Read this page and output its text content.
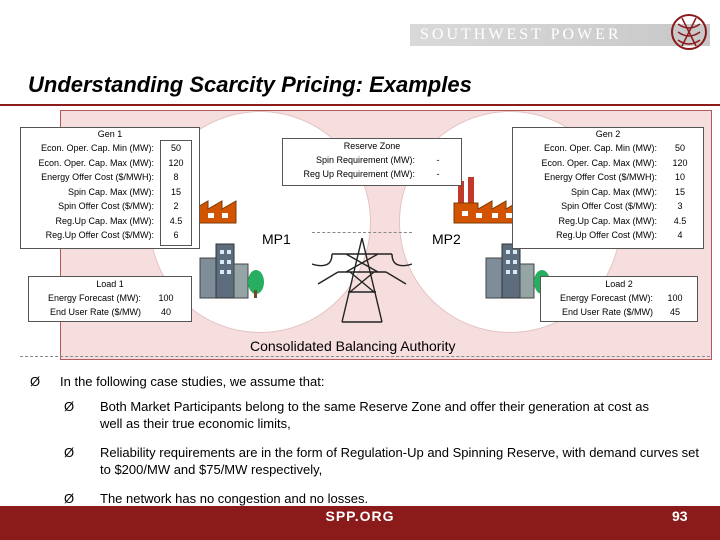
SOUTHWEST POWER POOL
Understanding Scarcity Pricing: Examples
Gen 1
Econ. Oper. Cap. Min (MW):
Econ. Oper. Cap. Max (MW):
Energy Offer Cost ($/MWH):
Spin Cap. Max (MW):
Spin Offer Cost ($/MW):
Reg.Up Cap. Max (MW):
Reg.Up Offer Cost ($/MW):
50
120
8
15
2
4.5
6
Reserve Zone
Spin Requirement (MW):
Reg Up Requirement (MW):
-
-
Gen 2
Econ. Oper. Cap. Min (MW):
Econ. Oper. Cap. Max (MW):
Energy Offer Cost ($/MWH):
Spin Cap. Max (MW):
Spin Offer Cost ($/MW):
Reg.Up Cap. Max (MW):
Reg.Up Offer Cost (MW):
50
120
10
15
3
4.5
4
MP1	MP2
Load 1
Energy Forecast (MW):
End User Rate ($/MW)
100
40
Load 2
Energy Forecast (MW):
End User Rate ($/MW)
100
45
Consolidated Balancing Authority
Ø In the following case studies, we assume that:
Ø Both Market Participants belong to the same Reserve Zone and offer their generation at cost as well as their true economic limits,
Ø Reliability requirements are in the form of Regulation-Up and Spinning Reserve, with demand curves set to $200/MW and $75/MW respectively,
Ø The network has no congestion and no losses.
SPP.ORG	93
